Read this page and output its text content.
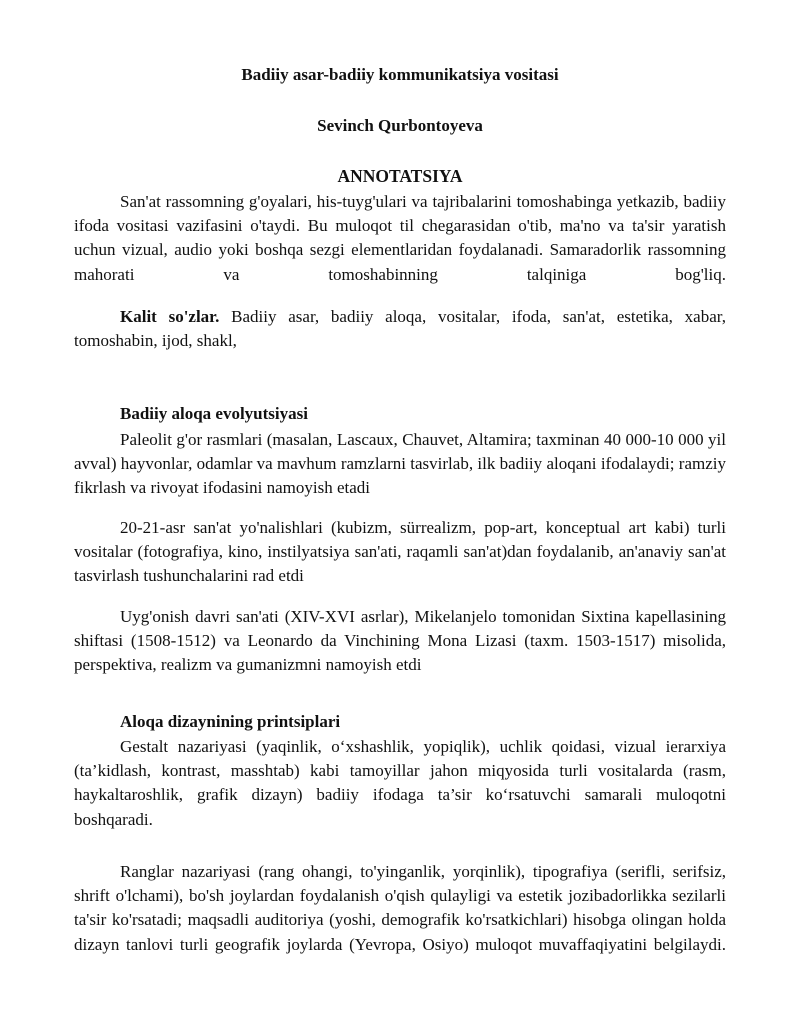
Badiiy asar-badiiy kommunikatsiya vositasi
Sevinch Qurbontoyeva
ANNOTATSIYA
San'at rassomning g'oyalari, his-tuyg'ulari va tajribalarini tomoshabinga yetkazib, badiiy ifoda vositasi vazifasini o'taydi. Bu muloqot til chegarasidan o'tib, ma'no va ta'sir yaratish uchun vizual, audio yoki boshqa sezgi elementlaridan foydalanadi. Samaradorlik rassomning mahorati va tomoshabinning talqiniga bog'liq.
Kalit so'zlar. Badiiy asar, badiiy aloqa, vositalar, ifoda, san'at, estetika, xabar, tomoshabin, ijod, shakl,
Badiiy aloqa evolyutsiyasi
Paleolit g'or rasmlari (masalan, Lascaux, Chauvet, Altamira; taxminan 40 000-10 000 yil avval) hayvonlar, odamlar va mavhum ramzlarni tasvirlab, ilk badiiy aloqani ifodalaydi; ramziy fikrlash va rivoyat ifodasini namoyish etadi
20-21-asr san'at yo'nalishlari (kubizm, sürrealizm, pop-art, konceptual art kabi) turli vositalar (fotografiya, kino, instilyatsiya san'ati, raqamli san'at)dan foydalanib, an'anaviy san'at tasvirlash tushunchalarini rad etdi
Uyg'onish davri san'ati (XIV-XVI asrlar), Mikelanjelo tomonidan Sixtina kapellasining shiftasi (1508-1512) va Leonardo da Vinchining Mona Lizasi (taxm. 1503-1517) misolida, perspektiva, realizm va gumanizmni namoyish etdi
Aloqa dizaynining printsiplari
Gestalt nazariyasi (yaqinlik, o‘xshashlik, yopiqlik), uchlik qoidasi, vizual ierarxiya (ta’kidlash, kontrast, masshtab) kabi tamoyillar jahon miqyosida turli vositalarda (rasm, haykaltaroshlik, grafik dizayn) badiiy ifodaga ta’sir ko‘rsatuvchi samarali muloqotni boshqaradi.
Ranglar nazariyasi (rang ohangi, to'yinganlik, yorqinlik), tipografiya (serifli, serifsiz, shrift o'lchami), bo'sh joylardan foydalanish o'qish qulayligi va estetik jozibadorlikka sezilarli ta'sir ko'rsatadi; maqsadli auditoriya (yoshi, demografik ko'rsatkichlari) hisobga olingan holda dizayn tanlovi turli geografik joylarda (Yevropa, Osiyo) muloqot muvaffaqiyatini belgilaydi.
